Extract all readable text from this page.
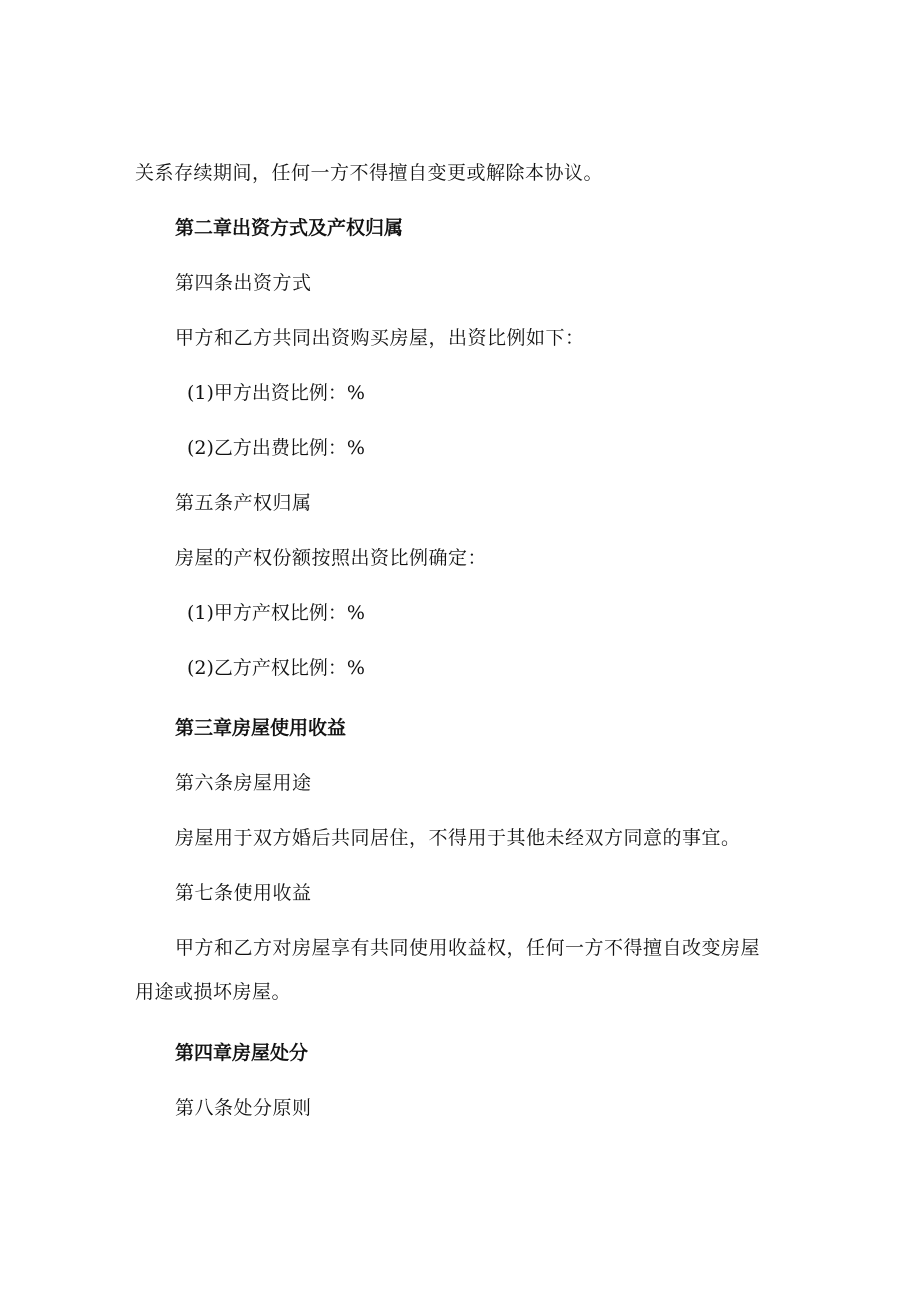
关系存续期间，任何一方不得擅自变更或解除本协议。
第二章出资方式及产权归属
第四条出资方式
甲方和乙方共同出资购买房屋，出资比例如下：
(1)甲方出资比例：%
(2)乙方出费比例：%
第五条产权归属
房屋的产权份额按照出资比例确定：
(1)甲方产权比例：%
(2)乙方产权比例：%
第三章房屋使用收益
第六条房屋用途
房屋用于双方婚后共同居住，不得用于其他未经双方同意的事宜。
第七条使用收益
甲方和乙方对房屋享有共同使用收益权，任何一方不得擅自改变房屋
用途或损坏房屋。
第四章房屋处分
第八条处分原则
